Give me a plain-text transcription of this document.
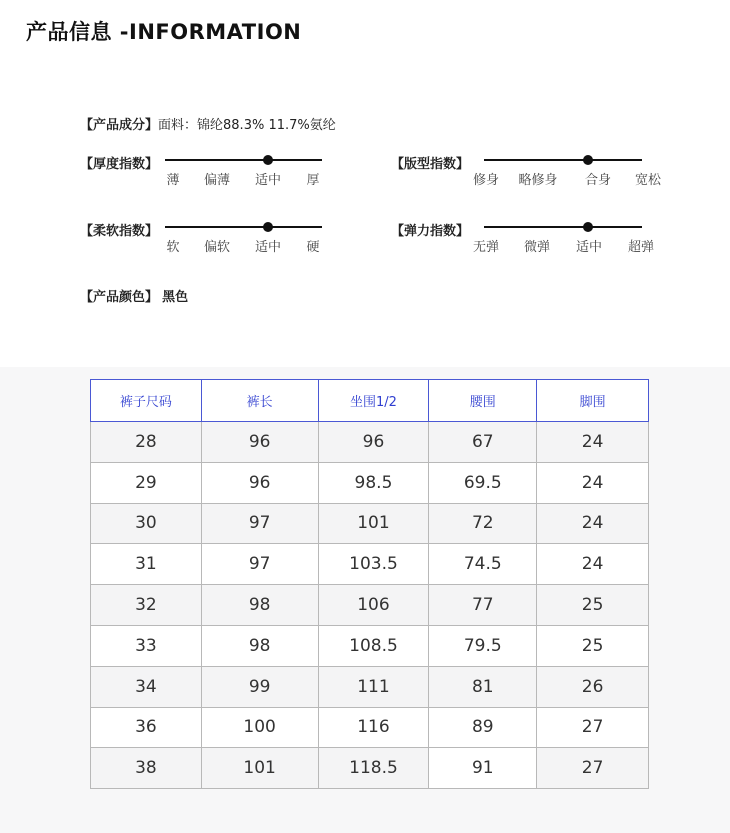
产品信息 -INFORMATION
【产品成分】面料：锦纶88.3% 11.7%氨纶
【厚度指数】
薄 偏薄 适中 厚
【版型指数】
修身 略修身 合身 宽松
【柔软指数】
软 偏软 适中 硬
【弹力指数】
无弹 微弹 适中 超弹
【产品颜色】 黑色
裤子尺码	裤长	坐围1/2	腰围	脚围
28	96	96	67	24
29	96	98.5	69.5	24
30	97	101	72	24
31	97	103.5	74.5	24
32	98	106	77	25
33	98	108.5	79.5	25
34	99	111	81	26
36	100	116	89	27
38	101	118.5	91	27
